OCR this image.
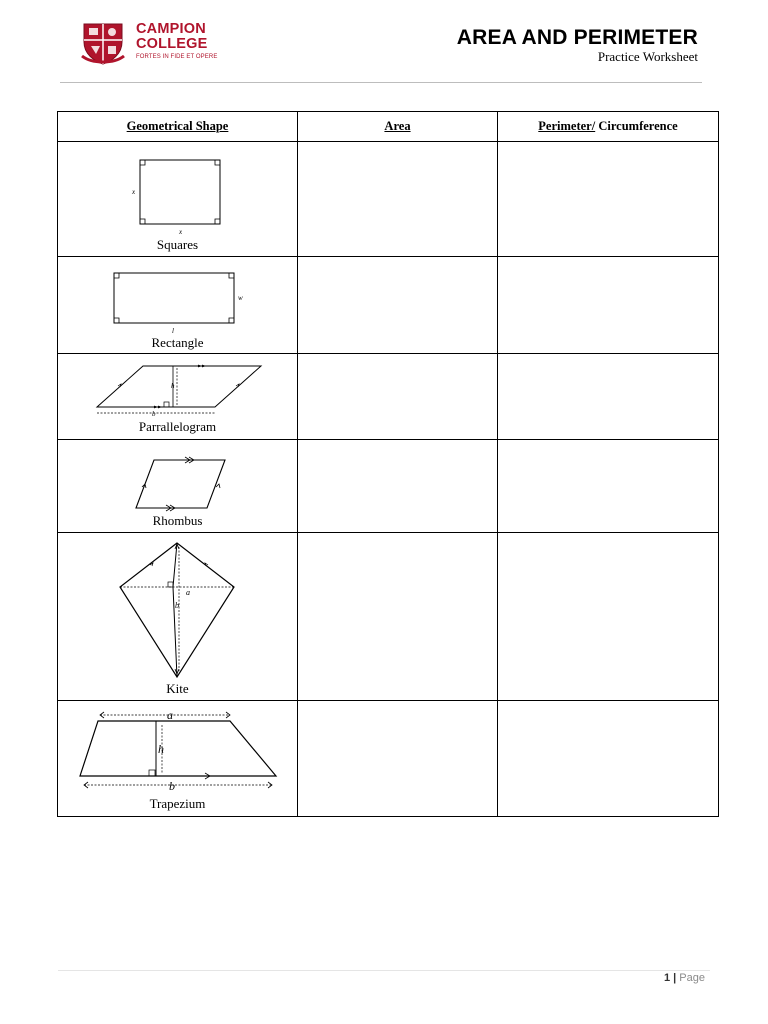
CAMPION
COLLEGE
FORTES IN FIDE ET OPERE
AREA AND PERIMETER
Practice Worksheet
Geometrical Shape	Area	Perimeter/ Circumference

x
x
Squares		

w
l
Rectangle		

h
b
Parrallelogram		

Rhombus		

a
b
Kite		

a
h
b
Trapezium		

1 | Page
